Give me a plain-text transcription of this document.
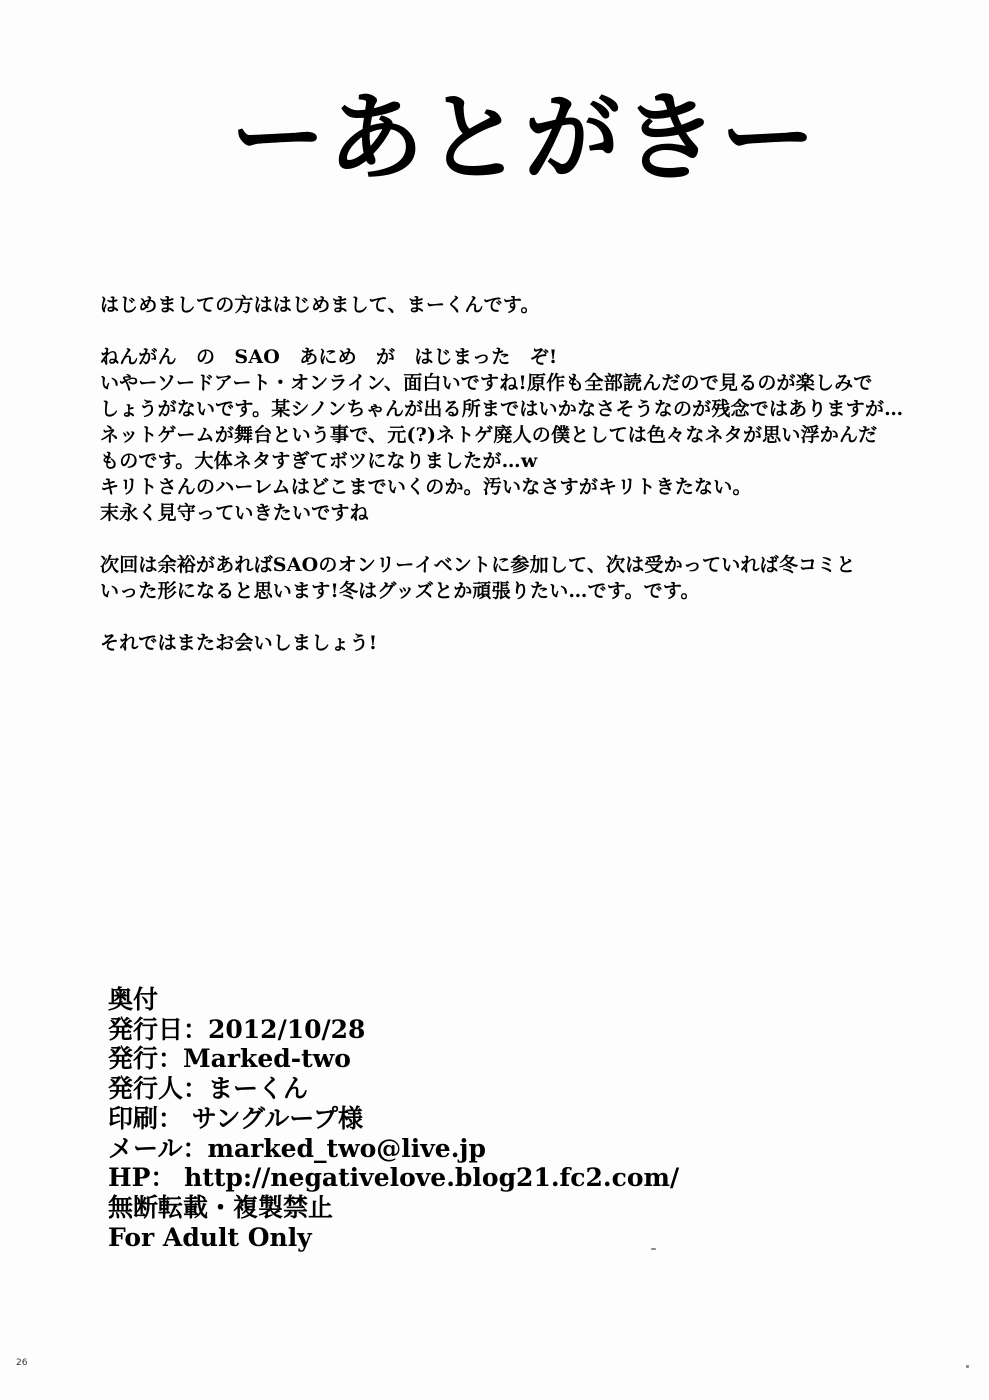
ーあとがきー
はじめましての方ははじめまして、まーくんです。
ねんがん　の　SAO　あにめ　が　はじまった　ぞ!
いやーソードアート・オンライン、面白いですね!原作も全部読んだので見るのが楽しみで
しょうがないです。某シノンちゃんが出る所まではいかなさそうなのが残念ではありますが…
ネットゲームが舞台という事で、元(?)ネトゲ廃人の僕としては色々なネタが思い浮かんだ
ものです。大体ネタすぎてボツになりましたが…w
キリトさんのハーレムはどこまでいくのか。汚いなさすがキリトきたない。
末永く見守っていきたいですね
次回は余裕があればSAOのオンリーイベントに参加して、次は受かっていれば冬コミと
いった形になると思います!冬はグッズとか頑張りたい…です。です。
それではまたお会いしましょう!
奥付
発行日：2012/10/28
発行：Marked-two
発行人：まーくん
印刷： サングループ様
メール：marked_two@live.jp
HP： http://negativelove.blog21.fc2.com/
無断転載・複製禁止
For Adult Only
26
